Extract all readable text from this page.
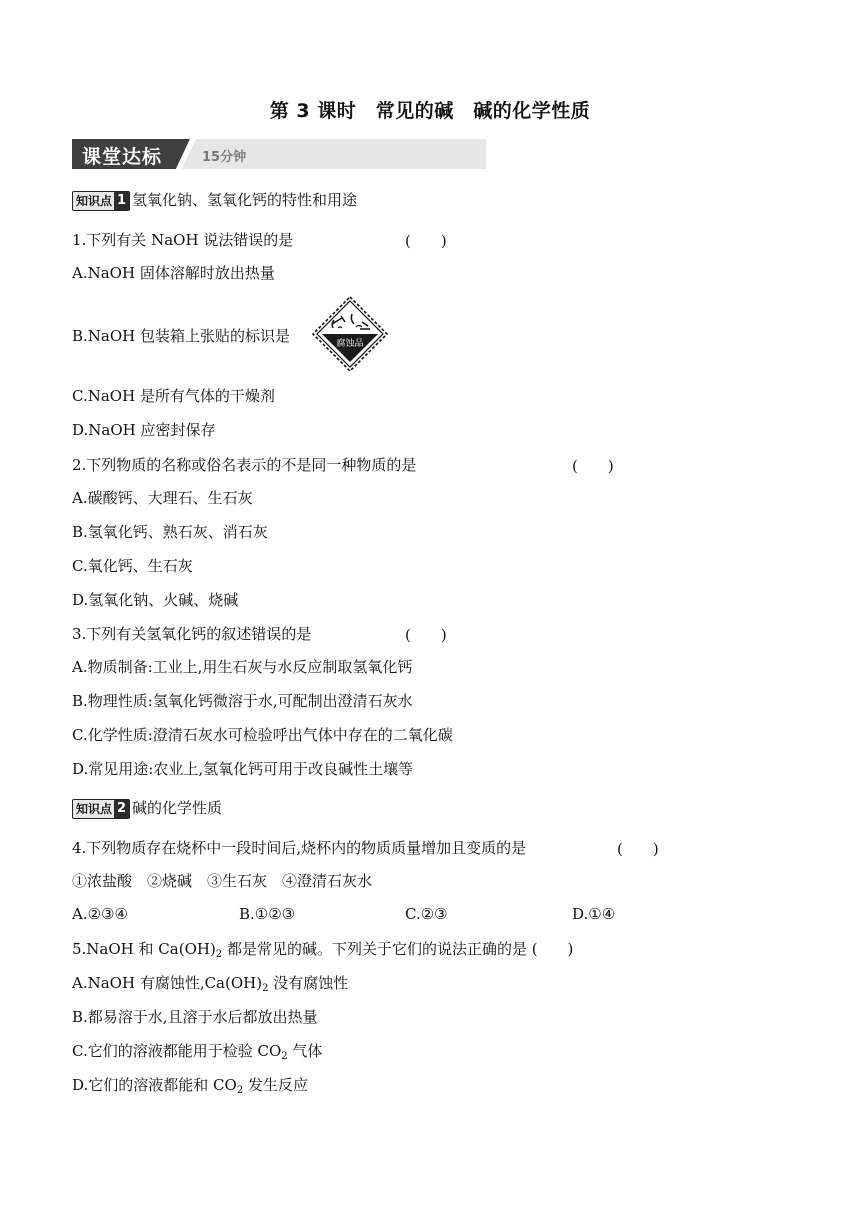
第 3 课时　常见的碱　碱的化学性质
课堂达标	15分钟
知识点 1 氢氧化钠、氢氧化钙的特性和用途
1.下列有关 NaOH 说法错误的是	(　　)
A.NaOH 固体溶解时放出热量
B.NaOH 包装箱上张贴的标识是	腐蚀品
C.NaOH 是所有气体的干燥剂
D.NaOH 应密封保存
2.下列物质的名称或俗名表示的不是同一种物质的是	(　　)
A.碳酸钙、大理石、生石灰
B.氢氧化钙、熟石灰、消石灰
C.氧化钙、生石灰
D.氢氧化钠、火碱、烧碱
3.下列有关氢氧化钙的叙述错误的是	(　　)
A.物质制备:工业上,用生石灰与水反应制取氢氧化钙
B.物理性质:氢氧化钙微溶于水,可配制出澄清石灰水
C.化学性质:澄清石灰水可检验呼出气体中存在的二氧化碳
D.常见用途:农业上,氢氧化钙可用于改良碱性土壤等
知识点 2 碱的化学性质
4.下列物质存在烧杯中一段时间后,烧杯内的物质质量增加且变质的是	(　　)
①浓盐酸　②烧碱　③生石灰　④澄清石灰水
A.②③④	B.①②③	C.②③	D.①④
5.NaOH 和 $Ca(OH)_2$ 都是常见的碱。下列关于它们的说法正确的是 (　　)
A.NaOH 有腐蚀性$,Ca(OH)_2$ 没有腐蚀性
B.都易溶于水,且溶于水后都放出热量
C.它们的溶液都能用于检验 $CO_2$ 气体
D.它们的溶液都能和 $CO_2$ 发生反应
